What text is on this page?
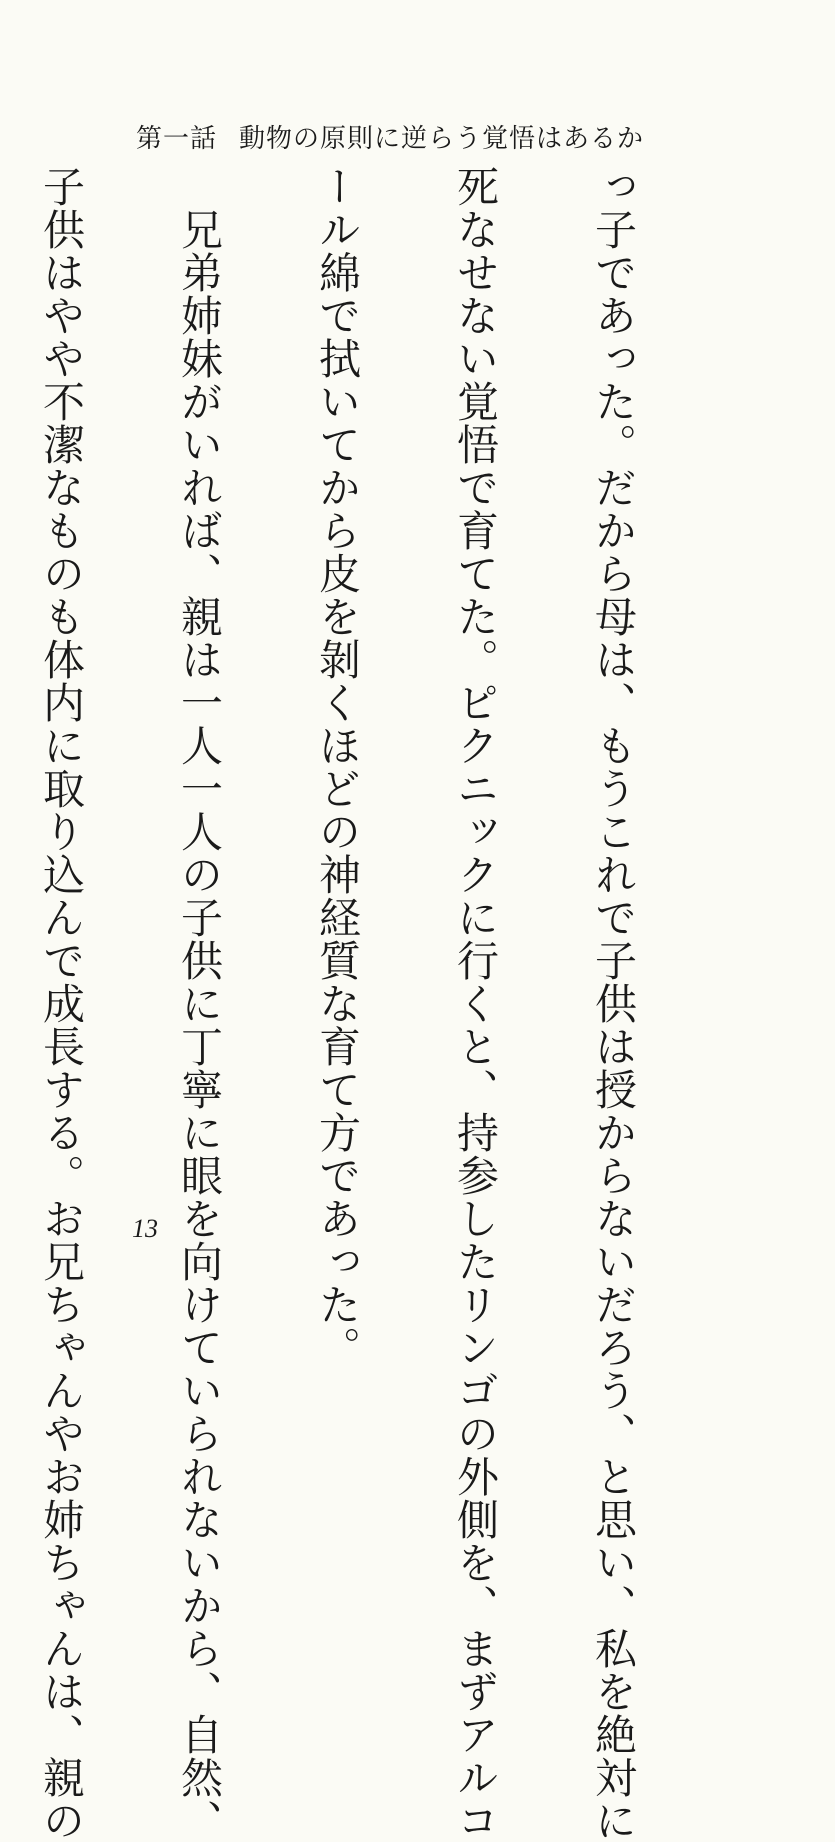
第一話 動物の原則に逆らう覚悟はあるか

っ子であった。だから母は、もうこれで子供は授からないだろう、と思い、私を絶対に

死なせない覚悟で育てた。ピクニックに行くと、持参したリンゴの外側を、まずアルコ

ール綿で拭いてから皮を剝くほどの神経質な育て方であった。

　兄弟姉妹がいれば、親は一人一人の子供に丁寧に眼を向けていられないから、自然、

子供はやや不潔なものも体内に取り込んで成長する。お兄ちゃんやお姉ちゃんは、親の

13
